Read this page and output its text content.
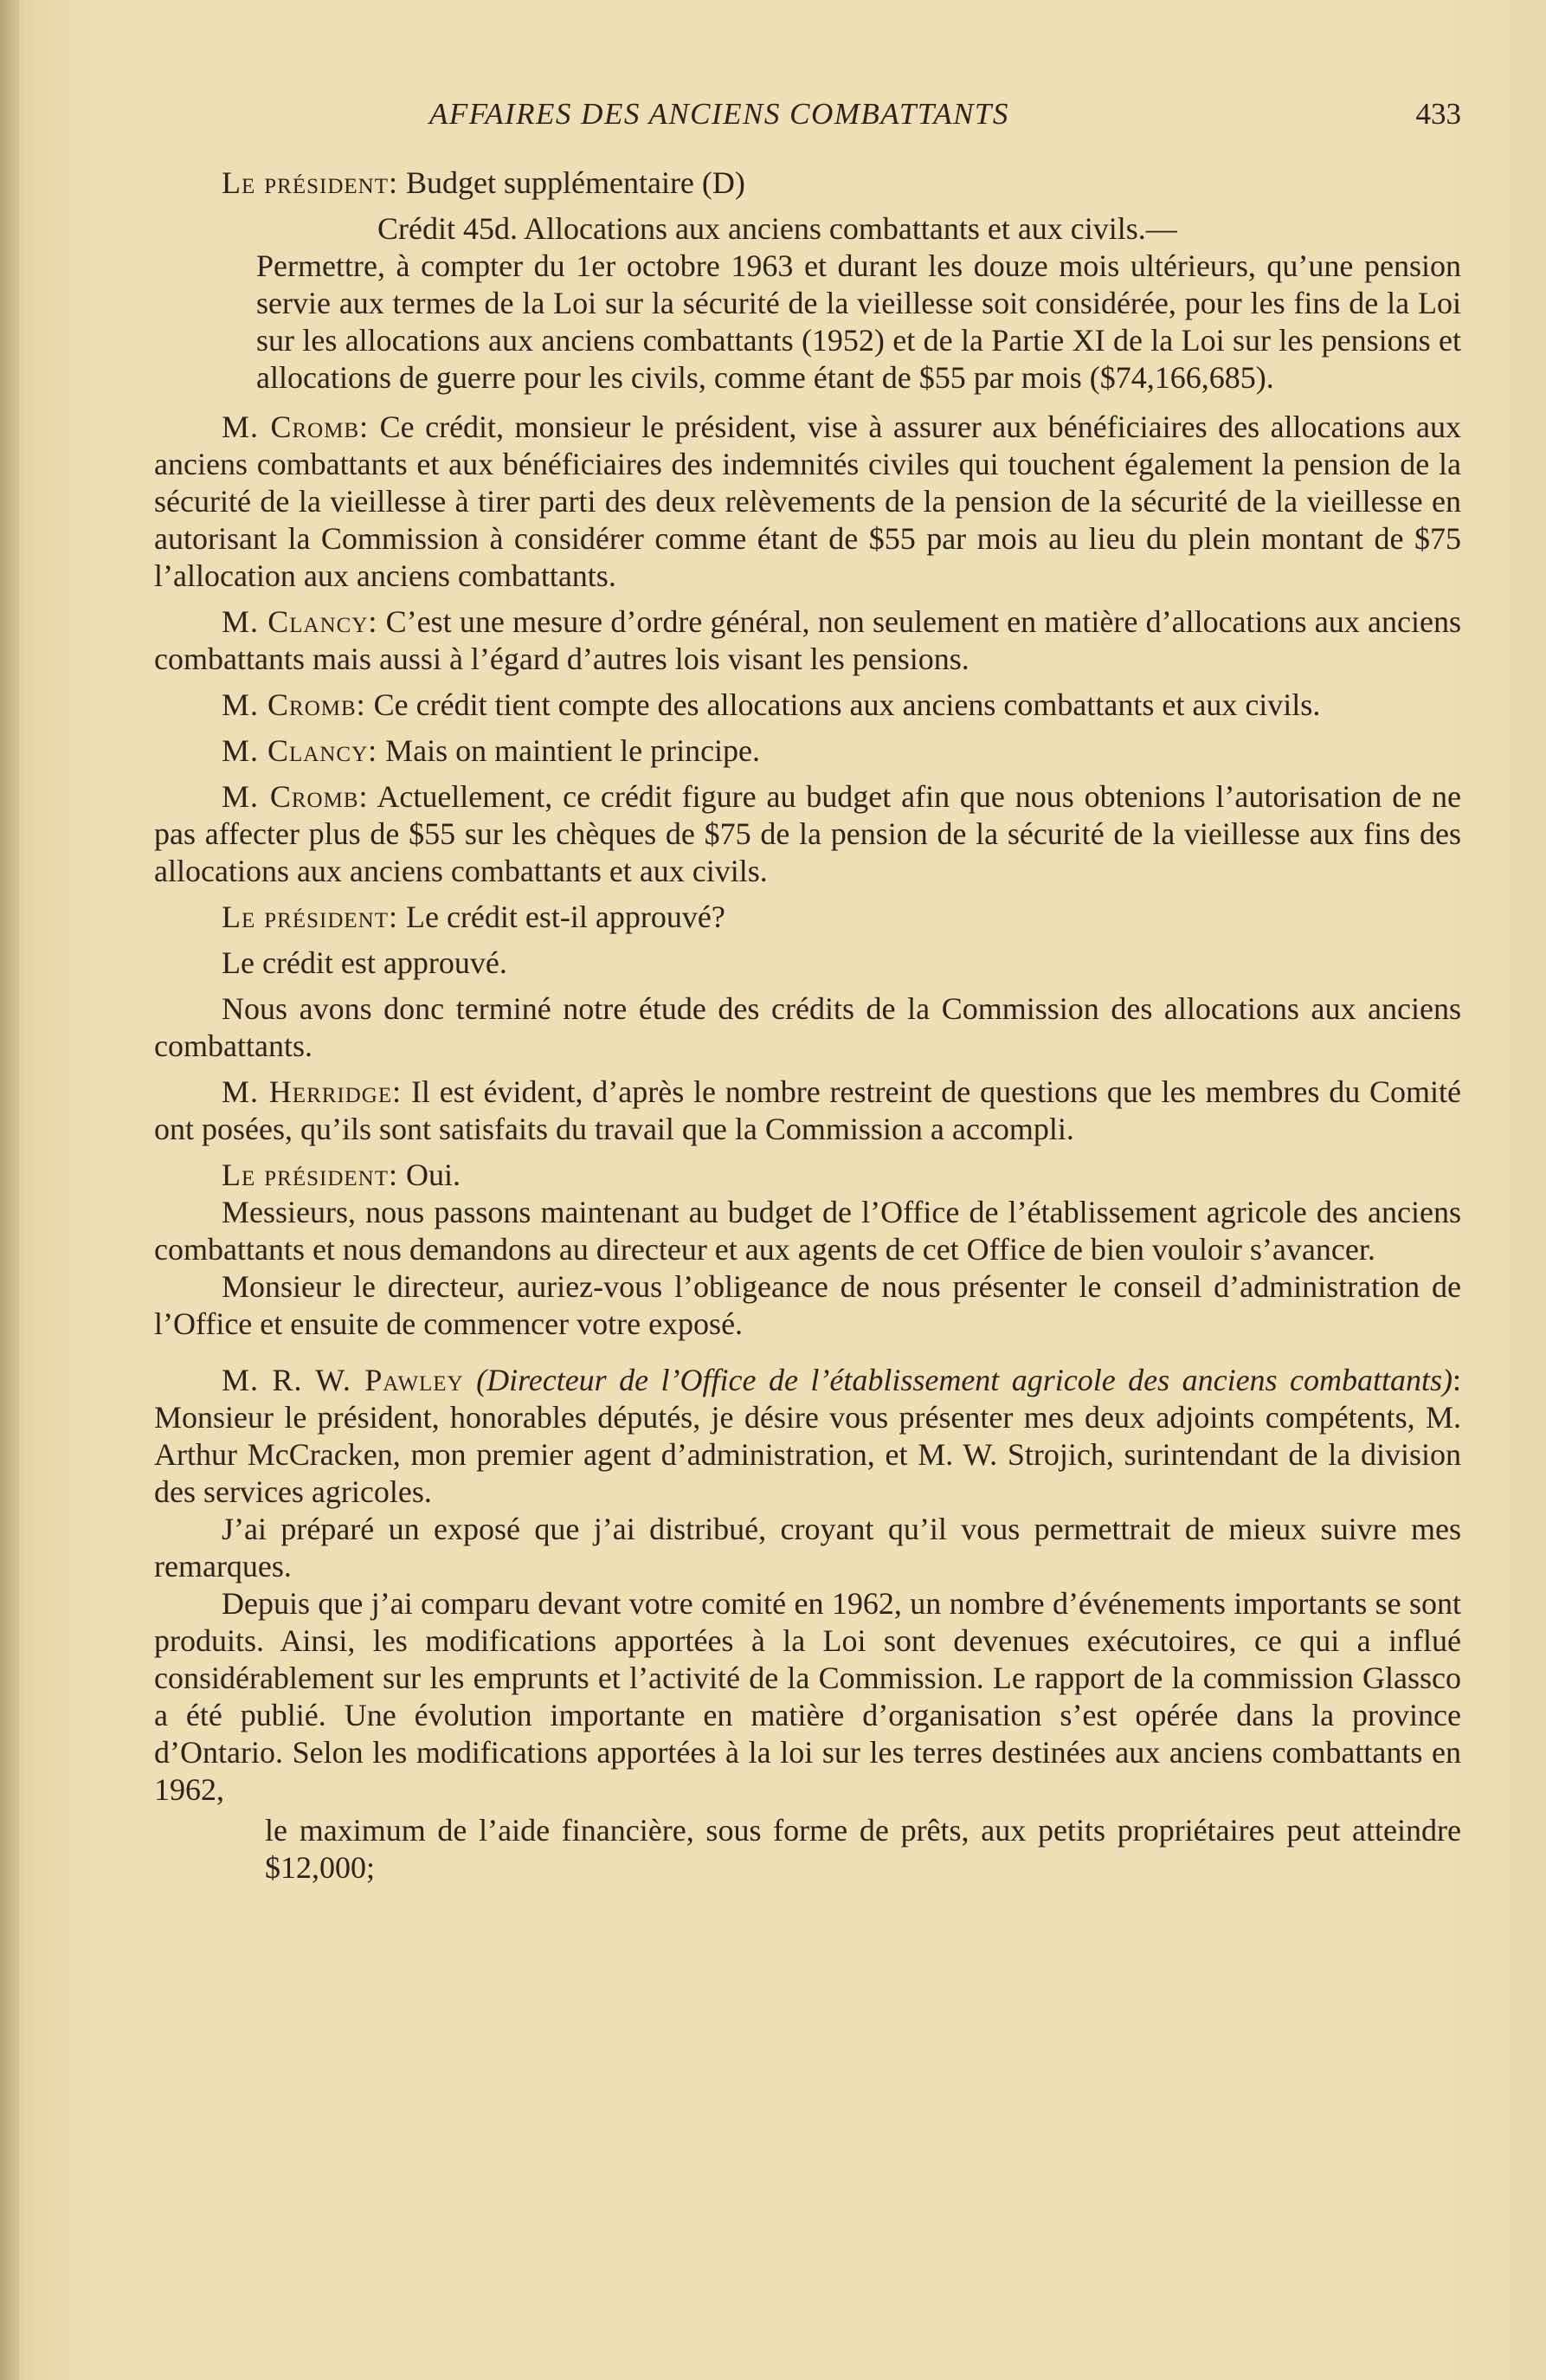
AFFAIRES DES ANCIENS COMBATTANTS	433

Le président: Budget supplémentaire (D)

Crédit 45d. Allocations aux anciens combattants et aux civils.—
Permettre, à compter du 1er octobre 1963 et durant les douze mois ultérieurs, qu’une pension servie aux termes de la Loi sur la sécurité de la vieillesse soit considérée, pour les fins de la Loi sur les allocations aux anciens combattants (1952) et de la Partie XI de la Loi sur les pensions et allocations de guerre pour les civils, comme étant de $55 par mois ($74,166,685).

M. Cromb: Ce crédit, monsieur le président, vise à assurer aux bénéficiaires des allocations aux anciens combattants et aux bénéficiaires des indemnités civiles qui touchent également la pension de la sécurité de la vieillesse à tirer parti des deux relèvements de la pension de la sécurité de la vieillesse en autorisant la Commission à considérer comme étant de $55 par mois au lieu du plein montant de $75 l’allocation aux anciens combattants.

M. Clancy: C’est une mesure d’ordre général, non seulement en matière d’allocations aux anciens combattants mais aussi à l’égard d’autres lois visant les pensions.

M. Cromb: Ce crédit tient compte des allocations aux anciens combattants et aux civils.

M. Clancy: Mais on maintient le principe.

M. Cromb: Actuellement, ce crédit figure au budget afin que nous obtenions l’autorisation de ne pas affecter plus de $55 sur les chèques de $75 de la pension de la sécurité de la vieillesse aux fins des allocations aux anciens combattants et aux civils.

Le président: Le crédit est-il approuvé?

Le crédit est approuvé.

Nous avons donc terminé notre étude des crédits de la Commission des allocations aux anciens combattants.

M. Herridge: Il est évident, d’après le nombre restreint de questions que les membres du Comité ont posées, qu’ils sont satisfaits du travail que la Commission a accompli.

Le président: Oui.

Messieurs, nous passons maintenant au budget de l’Office de l’établissement agricole des anciens combattants et nous demandons au directeur et aux agents de cet Office de bien vouloir s’avancer.

Monsieur le directeur, auriez-vous l’obligeance de nous présenter le conseil d’administration de l’Office et ensuite de commencer votre exposé.

M. R. W. Pawley (Directeur de l’Office de l’établissement agricole des anciens combattants): Monsieur le président, honorables députés, je désire vous présenter mes deux adjoints compétents, M. Arthur McCracken, mon premier agent d’administration, et M. W. Strojich, surintendant de la division des services agricoles.

J’ai préparé un exposé que j’ai distribué, croyant qu’il vous permettrait de mieux suivre mes remarques.

Depuis que j’ai comparu devant votre comité en 1962, un nombre d’événements importants se sont produits. Ainsi, les modifications apportées à la Loi sont devenues exécutoires, ce qui a influé considérablement sur les emprunts et l’activité de la Commission. Le rapport de la commission Glassco a été publié. Une évolution importante en matière d’organisation s’est opérée dans la province d’Ontario. Selon les modifications apportées à la loi sur les terres destinées aux anciens combattants en 1962,

le maximum de l’aide financière, sous forme de prêts, aux petits propriétaires peut atteindre $12,000;
